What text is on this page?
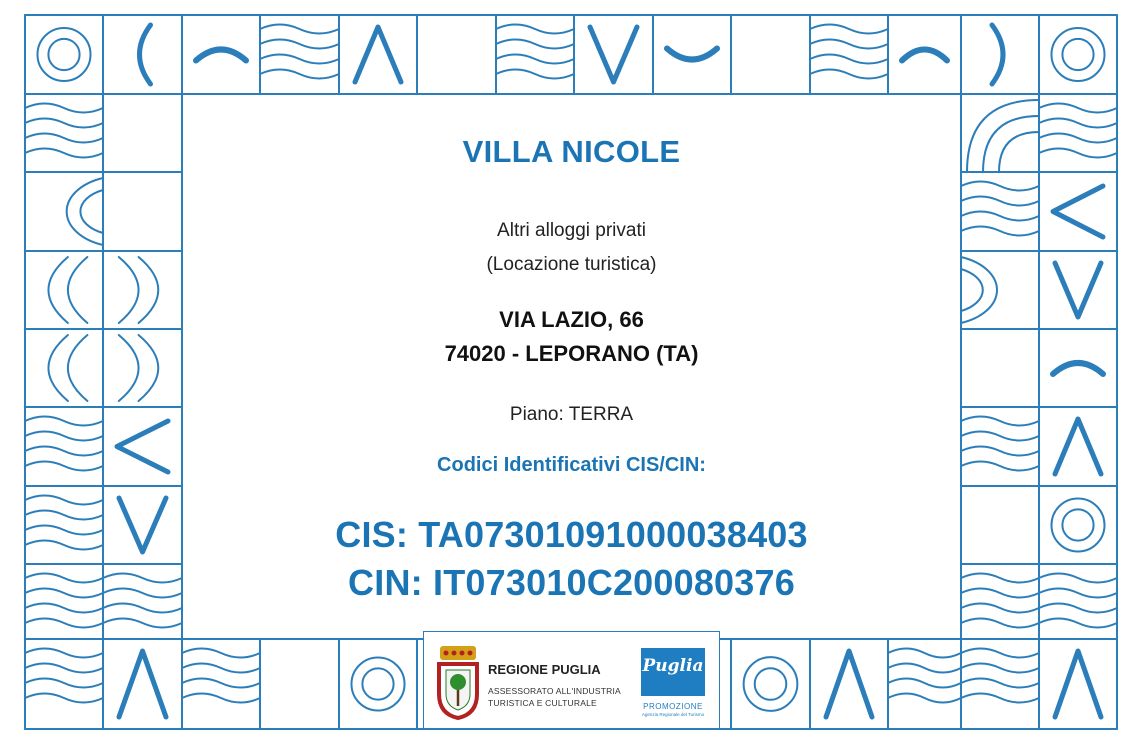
VILLA NICOLE

Altri alloggi privati

(Locazione turistica)

VIA LAZIO, 66

74020 - LEPORANO (TA)

Piano: TERRA

Codici Identificativi CIS/CIN:

CIS: TA07301091000038403

CIN: IT073010C200080376

REGIONE PUGLIA
ASSESSORATO ALL'INDUSTRIA
TURISTICA E CULTURALE
Puglia
PROMOZIONE
Agenzia Regionale del Turismo
